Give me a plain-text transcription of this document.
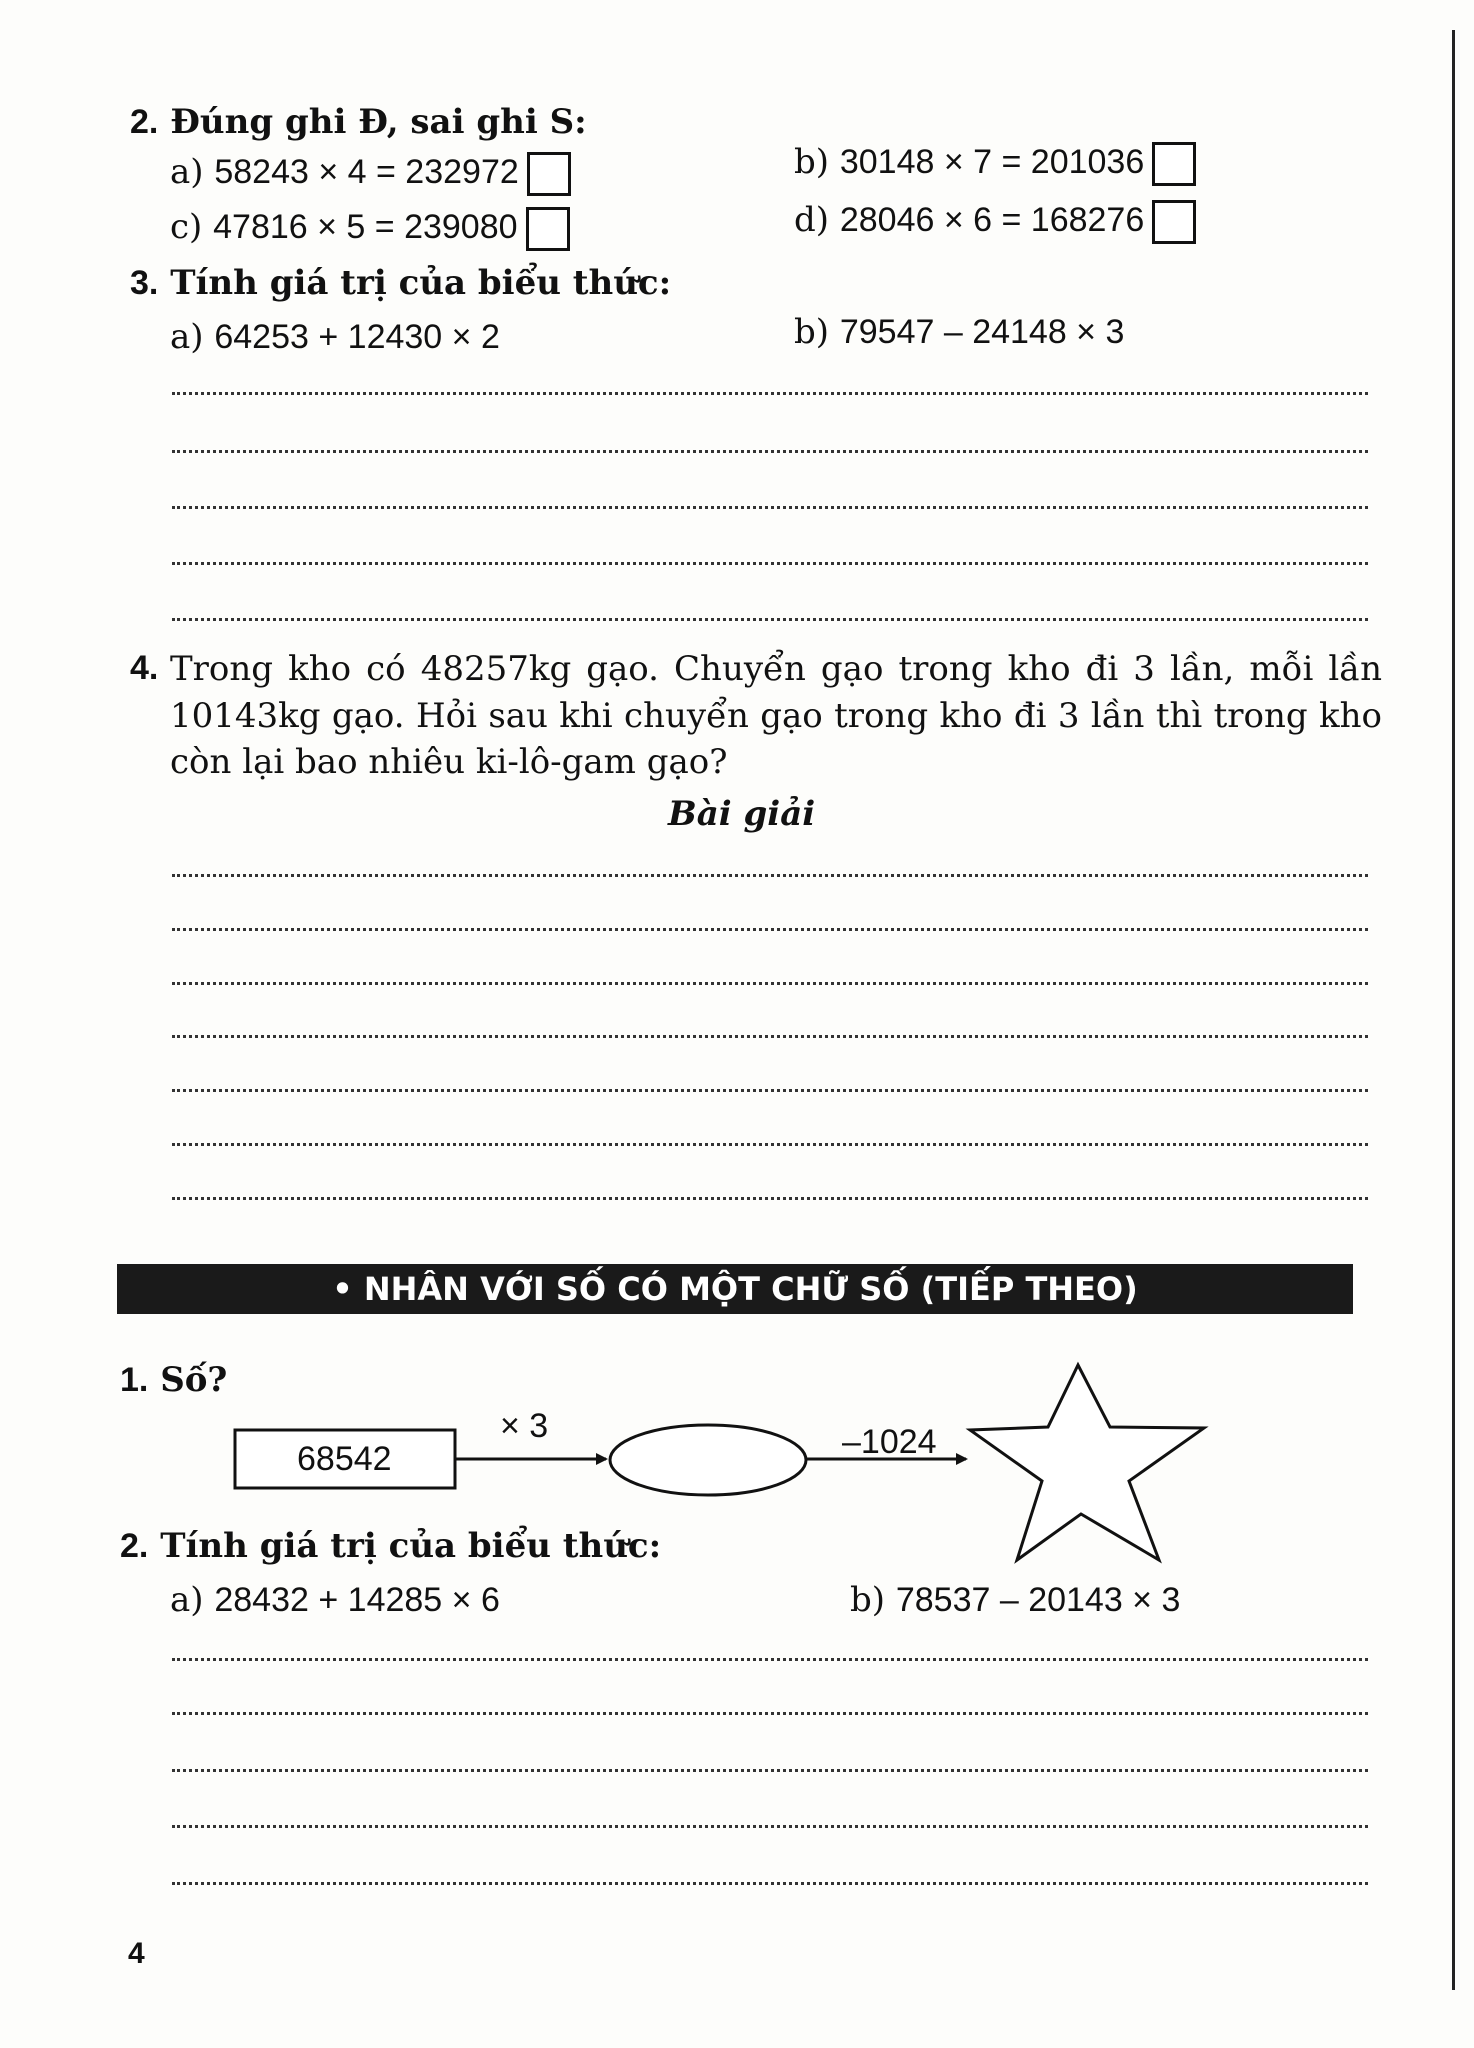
2. Đúng ghi Đ, sai ghi S:
a) 58243 × 4 = 232972	b) 30148 × 7 = 201036
c) 47816 × 5 = 239080	d) 28046 × 6 = 168276
3. Tính giá trị của biểu thức:
a) 64253 + 12430 × 2	b) 79547 – 24148 × 3
4. Trong kho có 48257kg gạo. Chuyển gạo trong kho đi 3 lần, mỗi lần
10143kg gạo. Hỏi sau khi chuyển gạo trong kho đi 3 lần thì trong kho
còn lại bao nhiêu ki-lô-gam gạo?
Bài giải
• NHÂN VỚI SỐ CÓ MỘT CHỮ SỐ (TIẾP THEO)
1. Số?
68542
× 3	–1024
2. Tính giá trị của biểu thức:
a) 28432 + 14285 × 6	b) 78537 – 20143 × 3
4
